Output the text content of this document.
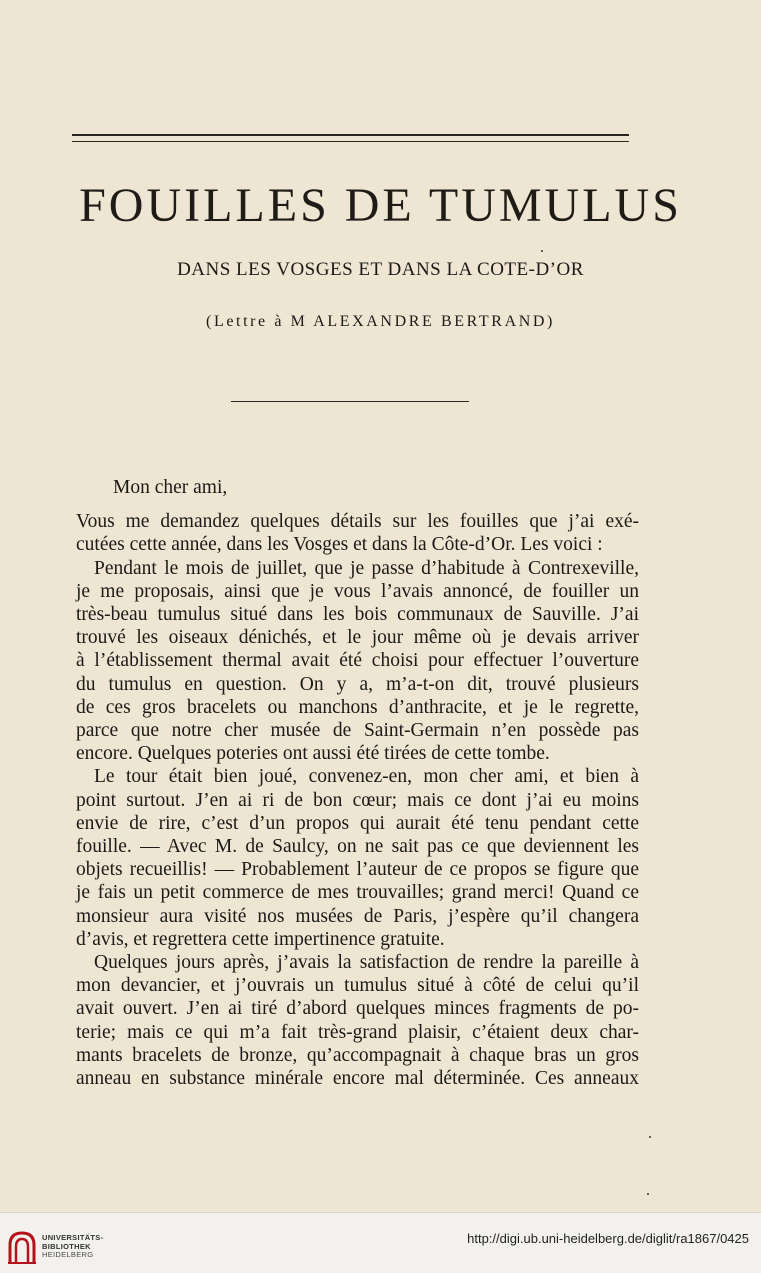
FOUILLES DE TUMULUS
DANS LES VOSGES ET DANS LA COTE-D’OR
(Lettre à M ALEXANDRE BERTRAND)
Mon cher ami,
Vous me demandez quelques détails sur les fouilles que j’ai exé-
cutées cette année, dans les Vosges et dans la Côte-d’Or. Les voici :
Pendant le mois de juillet, que je passe d’habitude à Contrexeville,
je me proposais, ainsi que je vous l’avais annoncé, de fouiller un
très-beau tumulus situé dans les bois communaux de Sauville. J’ai
trouvé les oiseaux dénichés, et le jour même où je devais arriver
à l’établissement thermal avait été choisi pour effectuer l’ouverture
du tumulus en question. On y a, m’a-t-on dit, trouvé plusieurs
de ces gros bracelets ou manchons d’anthracite, et je le regrette,
parce que notre cher musée de Saint-Germain n’en possède pas
encore. Quelques poteries ont aussi été tirées de cette tombe.
Le tour était bien joué, convenez-en, mon cher ami, et bien à
point surtout. J’en ai ri de bon cœur; mais ce dont j’ai eu moins
envie de rire, c’est d’un propos qui aurait été tenu pendant cette
fouille. — Avec M. de Saulcy, on ne sait pas ce que deviennent les
objets recueillis! — Probablement l’auteur de ce propos se figure que
je fais un petit commerce de mes trouvailles; grand merci! Quand ce
monsieur aura visité nos musées de Paris, j’espère qu’il changera
d’avis, et regrettera cette impertinence gratuite.
Quelques jours après, j’avais la satisfaction de rendre la pareille à
mon devancier, et j’ouvrais un tumulus situé à côté de celui qu’il
avait ouvert. J’en ai tiré d’abord quelques minces fragments de po-
terie; mais ce qui m’a fait très-grand plaisir, c’étaient deux char-
mants bracelets de bronze, qu’accompagnait à chaque bras un gros
anneau en substance minérale encore mal déterminée. Ces anneaux
UNIVERSITÄTS-
BIBLIOTHEK
HEIDELBERG
http://digi.ub.uni-heidelberg.de/diglit/ra1867/0425
